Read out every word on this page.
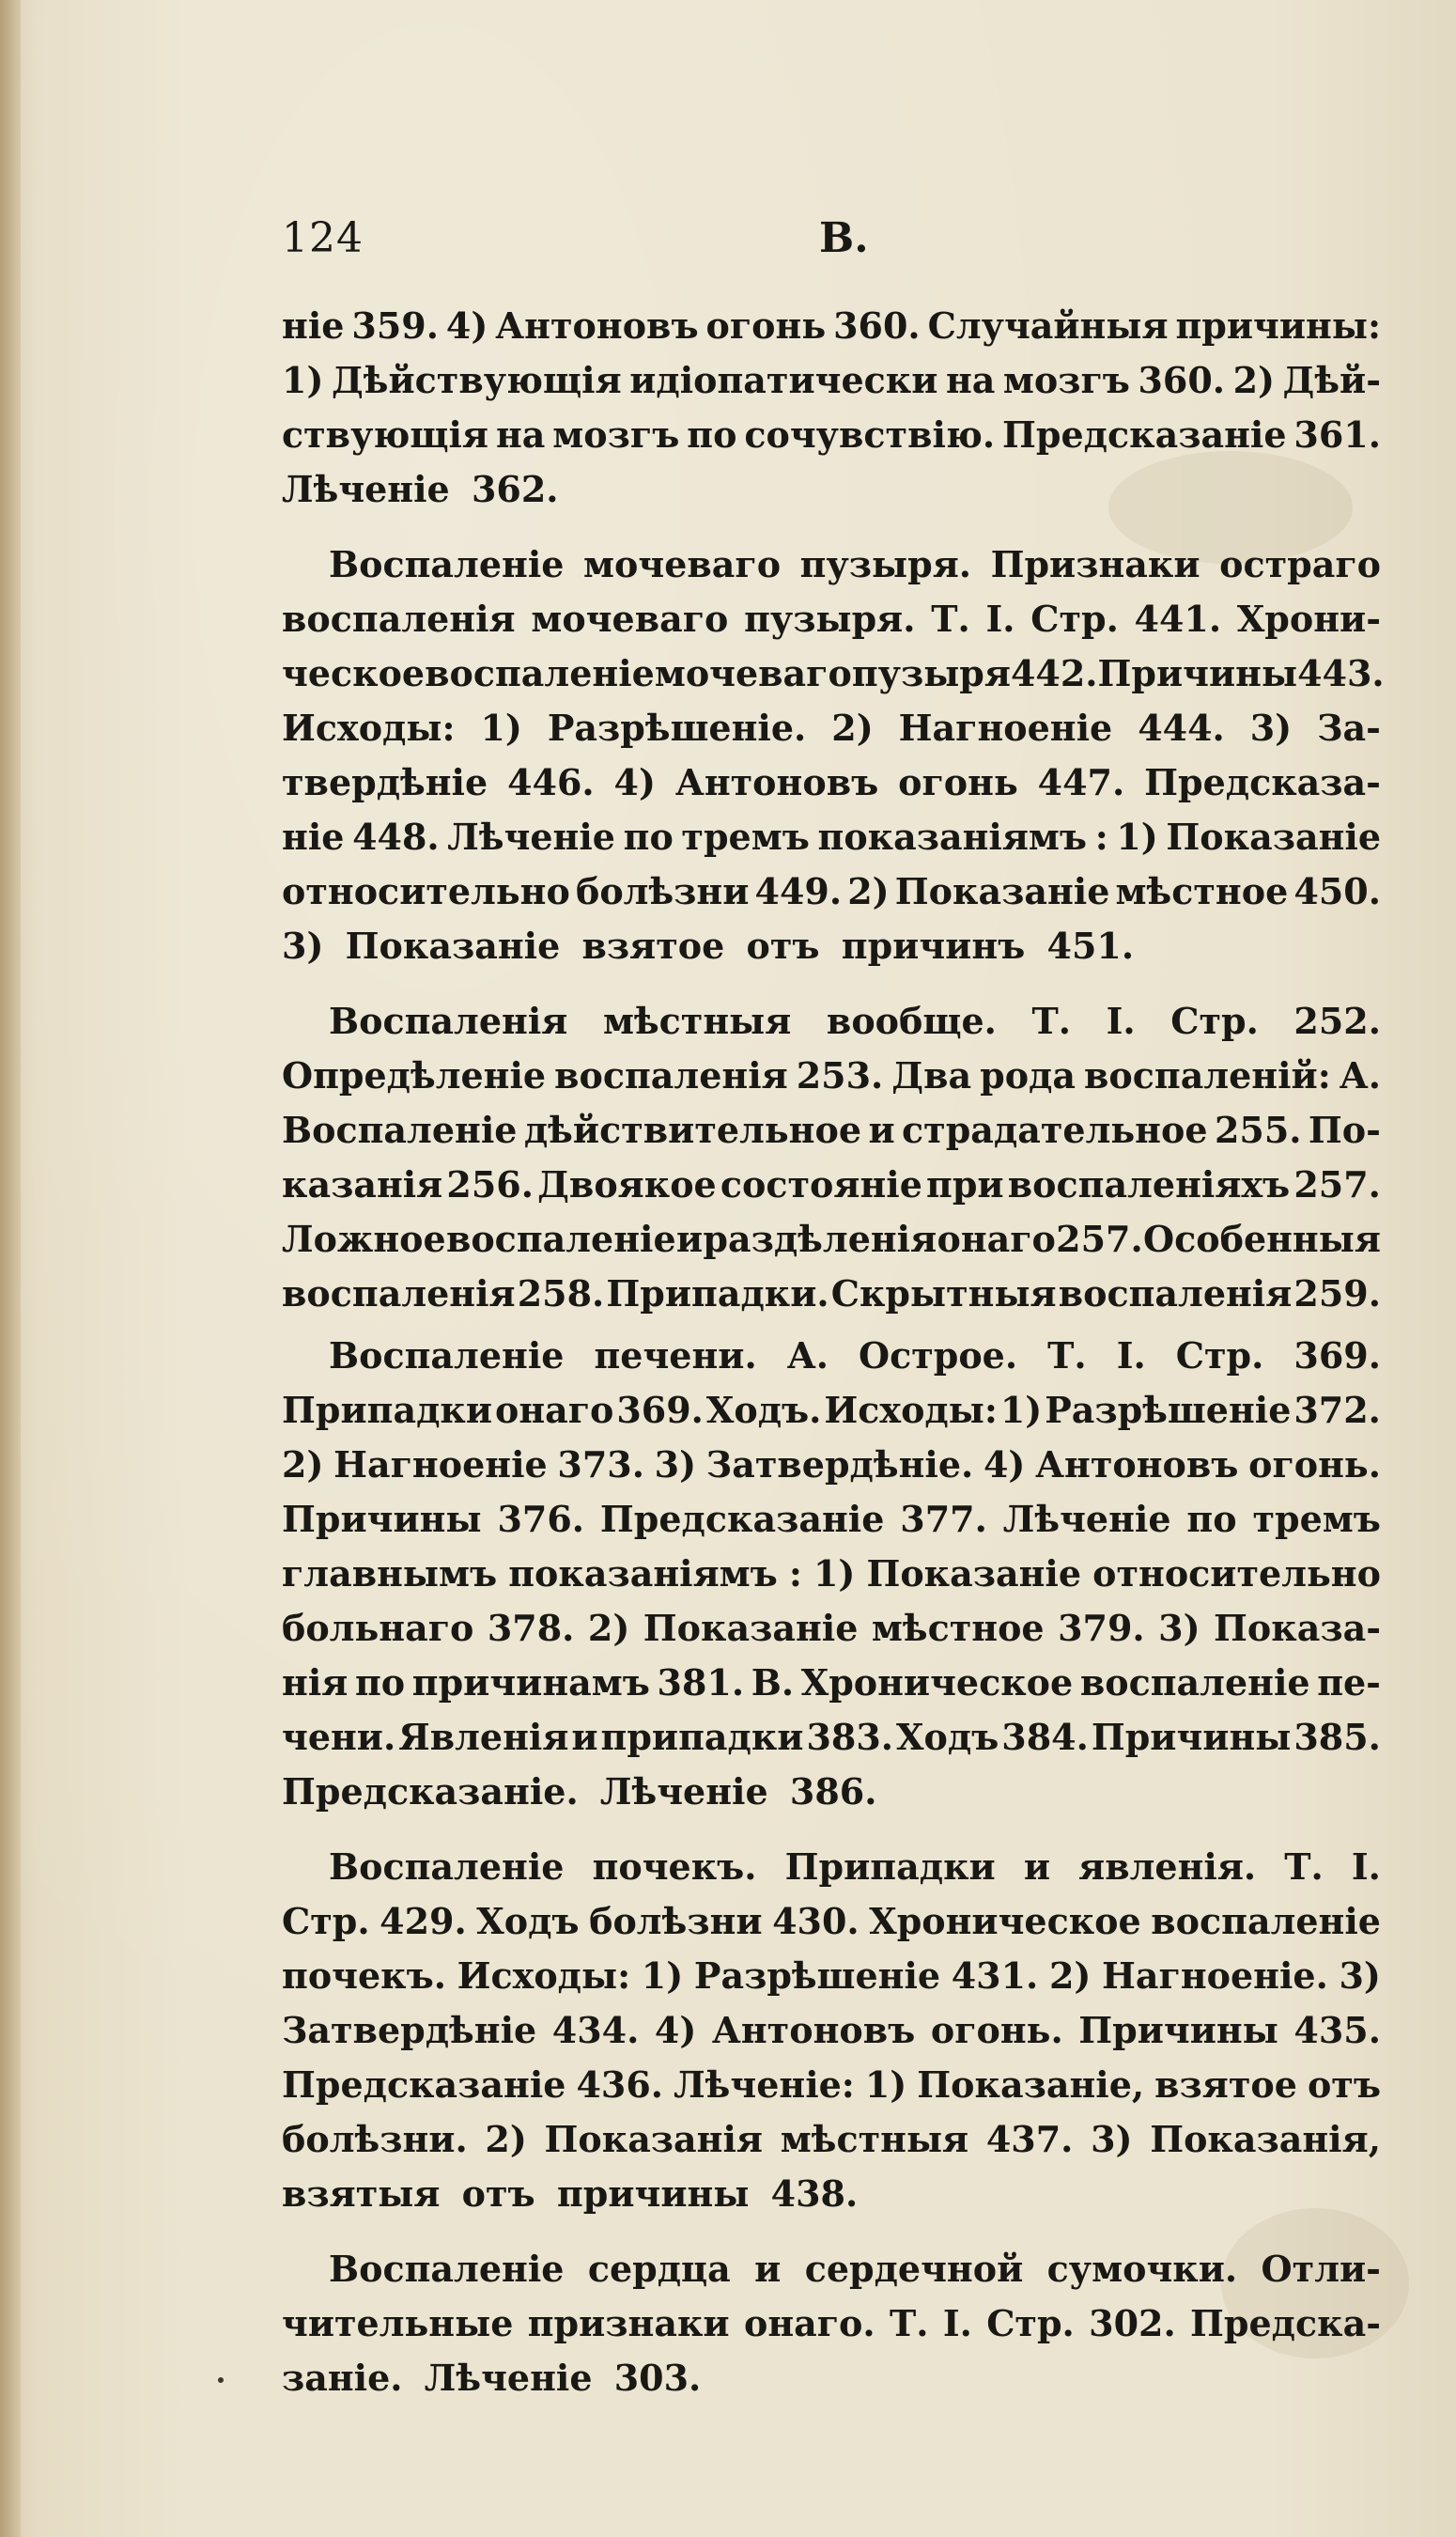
124	В.
ніе 359. 4) Антоновъ огонь 360. Случайныя причины:
1) Дѣйствующія идіопатически на мозгъ 360. 2) Дѣй-
ствующія на мозгъ по сочувствію. Предсказаніе 361.
Лѣченіе 362.
Воспаленіе мочеваго пузыря. Признаки остраго
воспаленія мочеваго пузыря. Т. I. Стр. 441. Хрони-
ческое воспаленіе мочеваго пузыря 442. Причины 443.
Исходы: 1) Разрѣшеніе. 2) Нагноеніе 444. 3) За-
твердѣніе 446. 4) Антоновъ огонь 447. Предсказа-
ніе 448. Лѣченіе по тремъ показаніямъ : 1) Показаніе
относительно болѣзни 449. 2) Показаніе мѣстное 450.
3) Показаніе взятое отъ причинъ 451.
Воспаленія мѣстныя вообще. Т. I. Стр. 252.
Опредѣленіе воспаленія 253. Два рода воспаленій: А.
Воспаленіе дѣйствительное и страдательное 255. По-
казанія 256. Двоякое состояніе при воспаленіяхъ 257.
Ложное воспаленіе и раздѣленія онаго 257. Особенныя
воспаленія 258. Припадки. Скрытныя воспаленія 259.
Воспаленіе печени. А. Острое. Т. I. Стр. 369.
Припадки онаго 369. Ходъ. Исходы: 1) Разрѣшеніе 372.
2) Нагноеніе 373. 3) Затвердѣніе. 4) Антоновъ огонь.
Причины 376. Предсказаніе 377. Лѣченіе по тремъ
главнымъ показаніямъ : 1) Показаніе относительно
больнаго 378. 2) Показаніе мѣстное 379. 3) Показа-
нія по причинамъ 381. В. Хроническое воспаленіе пе-
чени. Явленія и припадки 383. Ходъ 384. Причины 385.
Предсказаніе. Лѣченіе 386.
Воспаленіе почекъ. Припадки и явленія. Т. I.
Стр. 429. Ходъ болѣзни 430. Хроническое воспаленіе
почекъ. Исходы: 1) Разрѣшеніе 431. 2) Нагноеніе. 3)
Затвердѣніе 434. 4) Антоновъ огонь. Причины 435.
Предсказаніе 436. Лѣченіе: 1) Показаніе, взятое отъ
болѣзни. 2) Показанія мѣстныя 437. 3) Показанія,
взятыя отъ причины 438.
Воспаленіе сердца и сердечной сумочки. Отли-
чительные признаки онаго. Т. I. Стр. 302. Предска-
заніе. Лѣченіе 303.
